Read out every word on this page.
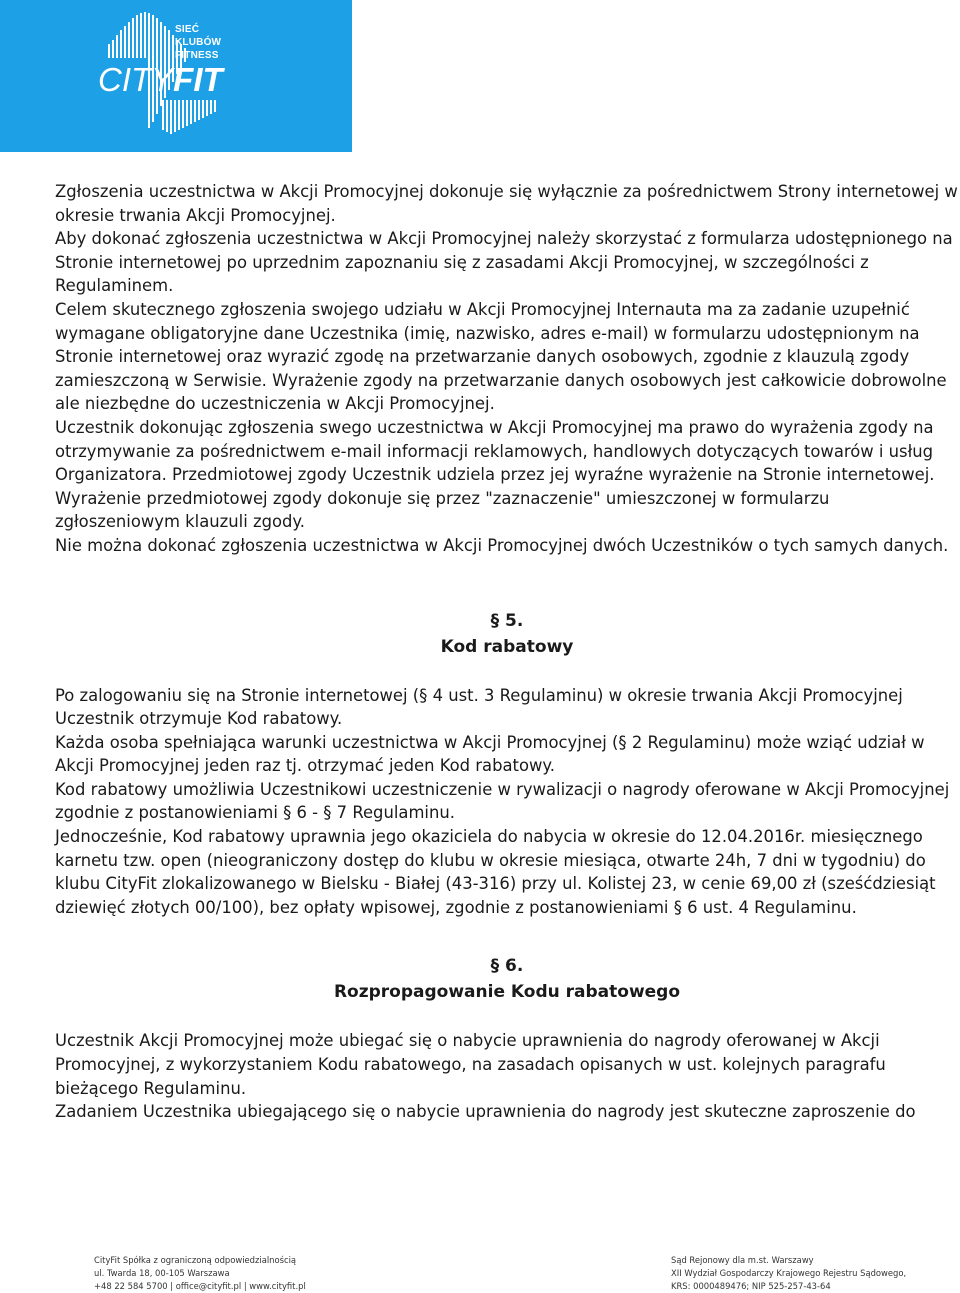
SIEĆ
KLUBÓW
FITNESS
CITYFIT

Zgłoszenia uczestnictwa w Akcji Promocyjnej dokonuje się wyłącznie za pośrednictwem Strony internetowej w okresie trwania Akcji Promocyjnej.

Aby dokonać zgłoszenia uczestnictwa w Akcji Promocyjnej należy skorzystać z formularza udostępnionego na Stronie internetowej po uprzednim zapoznaniu się z zasadami Akcji Promocyjnej, w szczególności z Regulaminem.

Celem skutecznego zgłoszenia swojego udziału w Akcji Promocyjnej Internauta ma za zadanie uzupełnić wymagane obligatoryjne dane Uczestnika (imię, nazwisko, adres e-mail) w formularzu udostępnionym na Stronie internetowej oraz wyrazić zgodę na przetwarzanie danych osobowych, zgodnie z klauzulą zgody zamieszczoną w Serwisie. Wyrażenie zgody na przetwarzanie danych osobowych jest całkowicie dobrowolne ale niezbędne do uczestniczenia w Akcji Promocyjnej.

Uczestnik dokonując zgłoszenia swego uczestnictwa w Akcji Promocyjnej ma prawo do wyrażenia zgody na otrzymywanie za pośrednictwem e-mail informacji reklamowych, handlowych dotyczących towarów i usług Organizatora. Przedmiotowej zgody Uczestnik udziela przez jej wyraźne wyrażenie na Stronie internetowej. Wyrażenie przedmiotowej zgody dokonuje się przez "zaznaczenie" umieszczonej w formularzu zgłoszeniowym klauzuli zgody.

Nie można dokonać zgłoszenia uczestnictwa w Akcji Promocyjnej dwóch Uczestników o tych samych danych.

§ 5.

Kod rabatowy

Po zalogowaniu się na Stronie internetowej (§ 4 ust. 3 Regulaminu) w okresie trwania Akcji Promocyjnej Uczestnik otrzymuje Kod rabatowy.

Każda osoba spełniająca warunki uczestnictwa w Akcji Promocyjnej (§ 2 Regulaminu) może wziąć udział w Akcji Promocyjnej jeden raz tj. otrzymać jeden Kod rabatowy.

Kod rabatowy umożliwia Uczestnikowi uczestniczenie w rywalizacji o nagrody oferowane w Akcji Promocyjnej zgodnie z postanowieniami § 6 - § 7 Regulaminu.

Jednocześnie, Kod rabatowy uprawnia jego okaziciela do nabycia w okresie do 12.04.2016r. miesięcznego karnetu tzw. open (nieograniczony dostęp do klubu w okresie miesiąca, otwarte 24h, 7 dni w tygodniu) do klubu CityFit zlokalizowanego w Bielsku - Białej (43-316) przy ul. Kolistej 23, w cenie 69,00 zł (sześćdziesiąt dziewięć złotych 00/100), bez opłaty wpisowej, zgodnie z postanowieniami § 6 ust. 4 Regulaminu.

§ 6.

Rozpropagowanie Kodu rabatowego

Uczestnik Akcji Promocyjnej może ubiegać się o nabycie uprawnienia do nagrody oferowanej w Akcji Promocyjnej, z wykorzystaniem Kodu rabatowego, na zasadach opisanych w ust. kolejnych paragrafu bieżącego Regulaminu.

Zadaniem Uczestnika ubiegającego się o nabycie uprawnienia do nagrody jest skuteczne zaproszenie do

CityFit Spółka z ograniczoną odpowiedzialnością
ul. Twarda 18, 00-105 Warszawa
+48 22 584 5700 | office@cityfit.pl | www.cityfit.pl
Sąd Rejonowy dla m.st. Warszawy
XII Wydział Gospodarczy Krajowego Rejestru Sądowego,
KRS: 0000489476; NIP 525-257-43-64
